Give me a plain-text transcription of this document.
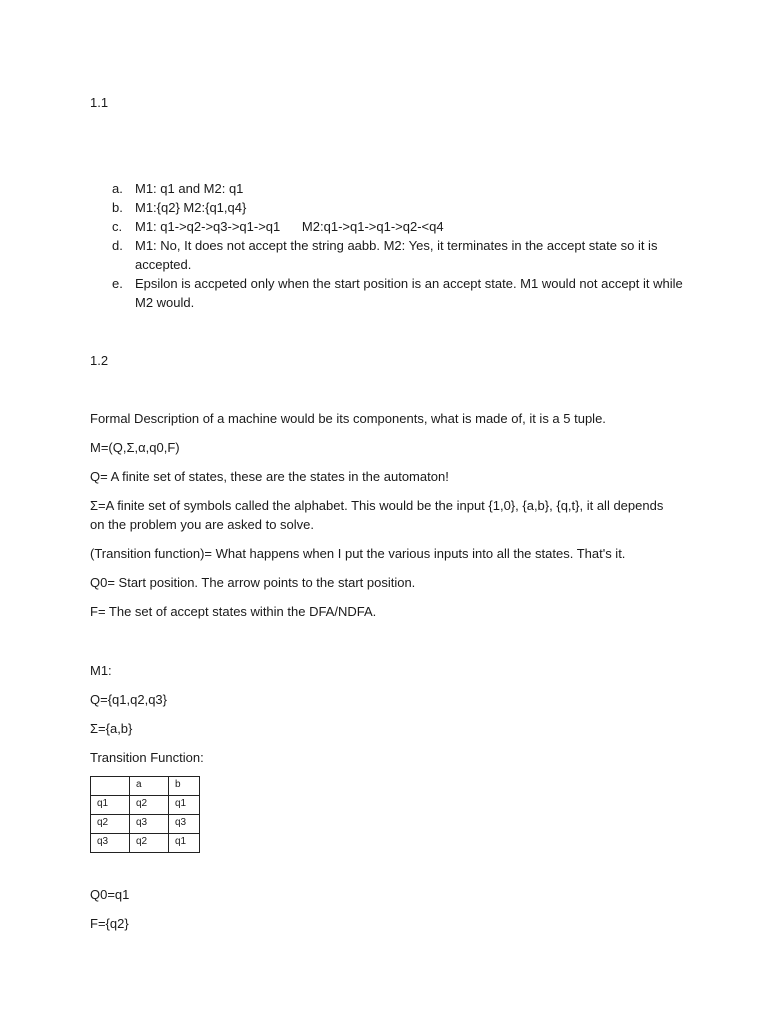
1.1
a. M1: q1 and M2: q1
b. M1:{q2} M2:{q1,q4}
c. M1: q1->q2->q3->q1->q1      M2:q1->q1->q1->q2-<q4
d. M1: No, It does not accept the string aabb. M2: Yes, it terminates in the accept state so it is accepted.
e. Epsilon is accpeted only when the start position is an accept state. M1 would not accept it while M2 would.
1.2
Formal Description of a machine would be its components, what is made of, it is a 5 tuple.
M=(Q,Σ,α,q0,F)
Q= A finite set of states, these are the states in the automaton!
Σ=A finite set of symbols called the alphabet. This would be the input {1,0}, {a,b}, {q,t}, it all depends on the problem you are asked to solve.
(Transition function)= What happens when I put the various inputs into all the states. That's it.
Q0= Start position. The arrow points to the start position.
F= The set of accept states within the DFA/NDFA.
M1:
Q={q1,q2,q3}
Σ={a,b}
Transition Function:
	a	b
q1	q2	q1
q2	q3	q3
q3	q2	q1
Q0=q1
F={q2}
